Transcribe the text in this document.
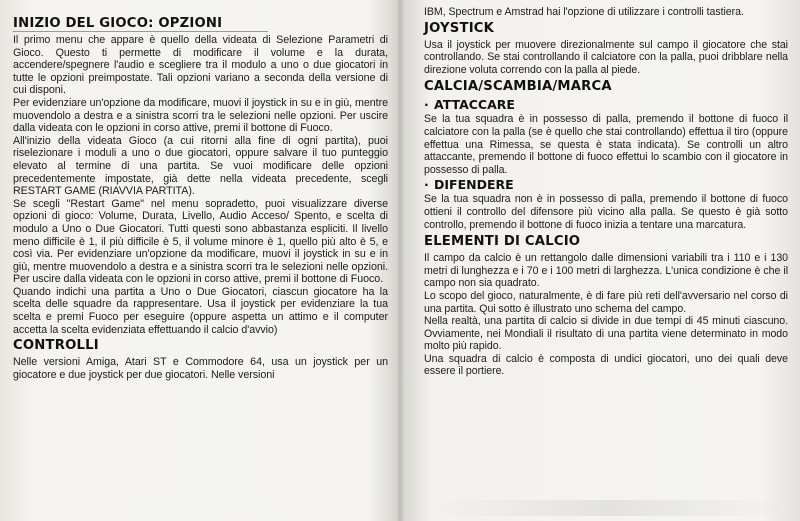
INIZIO DEL GIOCO: OPZIONI

Il primo menu che appare è quello della videata di Selezione Parametri di Gioco. Questo ti permette di modificare il volume e la durata, accendere/spegnere l'audio e scegliere tra il modulo a uno o due giocatori in tutte le opzioni preimpostate. Tali opzioni variano a seconda della versione di cui disponi.

Per evidenziare un'opzione da modificare, muovi il joystick in su e in giù, mentre muovendolo a destra e a sinistra scorri tra le selezioni nelle opzioni. Per uscire dalla videata con le opzioni in corso attive, premi il bottone di Fuoco.

All'inizio della videata Gioco (a cui ritorni alla fine di ogni partita), puoi riselezionare i moduli a uno o due giocatori, oppure salvare il tuo punteggio elevato al termine di una partita. Se vuoi modificare delle opzioni precedentemente impostate, già dette nella videata precedente, scegli RESTART GAME (RIAVVIA PARTITA).

Se scegli "Restart Game" nel menu sopradetto, puoi visualizzare diverse opzioni di gioco: Volume, Durata, Livello, Audio Acceso/ Spento, e scelta di modulo a Uno o Due Giocatori. Tutti questi sono abbastanza espliciti. Il livello meno difficile è 1, il più difficile è 5, il volume minore è 1, quello più alto è 5, e così via. Per evidenziare un'opzione da modificare, muovi il joystick in su e in giù, mentre muovendolo a destra e a sinistra scorri tra le selezioni nelle opzioni. Per uscire dalla videata con le opzioni in corso attive, premi il bottone di Fuoco.

Quando indichi una partita a Uno o Due Giocatori, ciascun giocatore ha la scelta delle squadre da rappresentare. Usa il joystick per evidenziare la tua scelta e premi Fuoco per eseguire (oppure aspetta un attimo e il computer accetta la scelta evidenziata effettuando il calcio d'avvio)

CONTROLLI

Nelle versioni Amiga, Atari ST e Commodore 64, usa un joystick per un giocatore e due joystick per due giocatori. Nelle versioni

IBM, Spectrum e Amstrad hai l'opzione di utilizzare i controlli tastiera.

JOYSTICK

Usa il joystick per muovere direzionalmente sul campo il giocatore che stai controllando. Se stai controllando il calciatore con la palla, puoi dribblare nella direzione voluta correndo con la palla al piede.

CALCIA/SCAMBIA/MARCA
· ATTACCARE

Se la tua squadra è in possesso di palla, premendo il bottone di fuoco il calciatore con la palla (se è quello che stai controllando) effettua il tiro (oppure effettua una Rimessa, se questa è stata indicata). Se controlli un altro attaccante, premendo il bottone di fuoco effettui lo scambio con il giocatore in possesso di palla.

· DIFENDERE

Se la tua squadra non è in possesso di palla, premendo il bottone di fuoco ottieni il controllo del difensore più vicino alla palla. Se questo è già sotto controllo, premendo il bottone di fuoco inizia a tentare una marcatura.

ELEMENTI DI CALCIO

Il campo da calcio è un rettangolo dalle dimensioni variabili tra i 110 e i 130 metri di lunghezza e i 70 e i 100 metri di larghezza. L'unica condizione è che il campo non sia quadrato.

Lo scopo del gioco, naturalmente, è di fare più reti dell'avversario nel corso di una partita. Qui sotto è illustrato uno schema del campo.

Nella realtà, una partita di calcio si divide in due tempi di 45 minuti ciascuno. Ovviamente, nei Mondiali il risultato di una partita viene determinato in modo molto più rapido.

Una squadra di calcio è composta di undici giocatori, uno dei quali deve essere il portiere.
